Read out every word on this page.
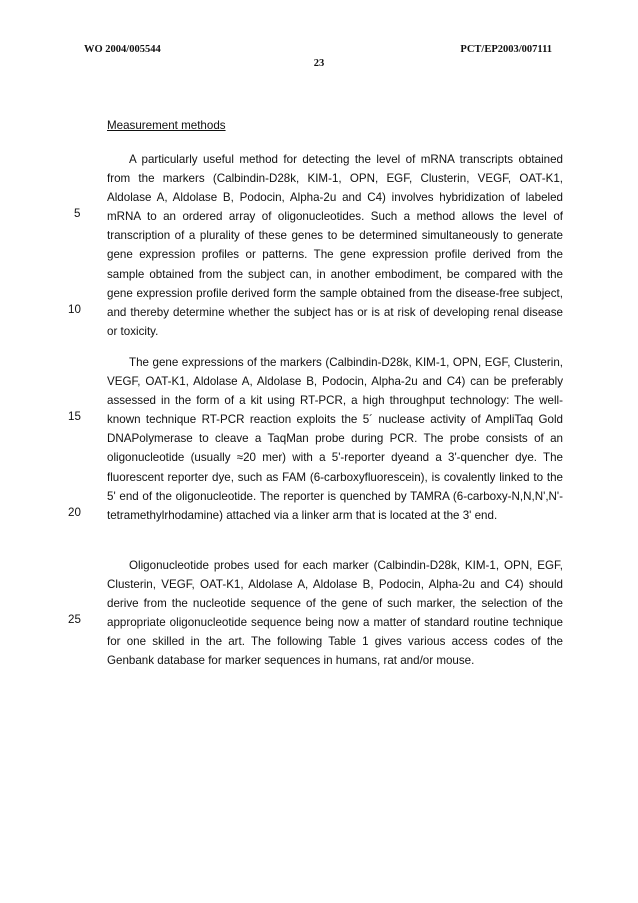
WO 2004/005544	PCT/EP2003/007111
23
Measurement methods
A particularly useful method for detecting the level of mRNA transcripts obtained from the markers (Calbindin-D28k, KIM-1, OPN, EGF, Clusterin, VEGF, OAT-K1, Aldolase A, Aldolase B, Podocin, Alpha-2u and C4) involves hybridization of labeled mRNA to an ordered array of oligonucleotides. Such a method allows the level of transcription of a plurality of these genes to be determined simultaneously to generate gene expression profiles or patterns. The gene expression profile derived from the sample obtained from the subject can, in another embodiment, be compared with the gene expression profile derived form the sample obtained from the disease-free subject, and thereby determine whether the subject has or is at risk of developing renal disease or toxicity.
The gene expressions of the markers (Calbindin-D28k, KIM-1, OPN, EGF, Clusterin, VEGF, OAT-K1, Aldolase A, Aldolase B, Podocin, Alpha-2u and C4) can be preferably assessed in the form of a kit using RT-PCR, a high throughput technology: The well-known technique RT-PCR reaction exploits the 5´ nuclease activity of AmpliTaq Gold DNAPolymerase to cleave a TaqMan probe during PCR. The probe consists of an oligonucleotide (usually ≈20 mer) with a 5'-reporter dyeand a 3'-quencher dye. The fluorescent reporter dye, such as FAM (6-carboxyfluorescein), is covalently linked to the 5' end of the oligonucleotide. The reporter is quenched by TAMRA (6-carboxy-N,N,N',N'-tetramethylrhodamine) attached via a linker arm that is located at the 3' end.
Oligonucleotide probes used for each marker (Calbindin-D28k, KIM-1, OPN, EGF, Clusterin, VEGF, OAT-K1, Aldolase A, Aldolase B, Podocin, Alpha-2u and C4) should derive from the nucleotide sequence of the gene of such marker, the selection of the appropriate oligonucleotide sequence being now a matter of standard routine technique for one skilled in the art. The following Table 1 gives various access codes of the Genbank database for marker sequences in humans, rat and/or mouse.
5
10
15
20
25
